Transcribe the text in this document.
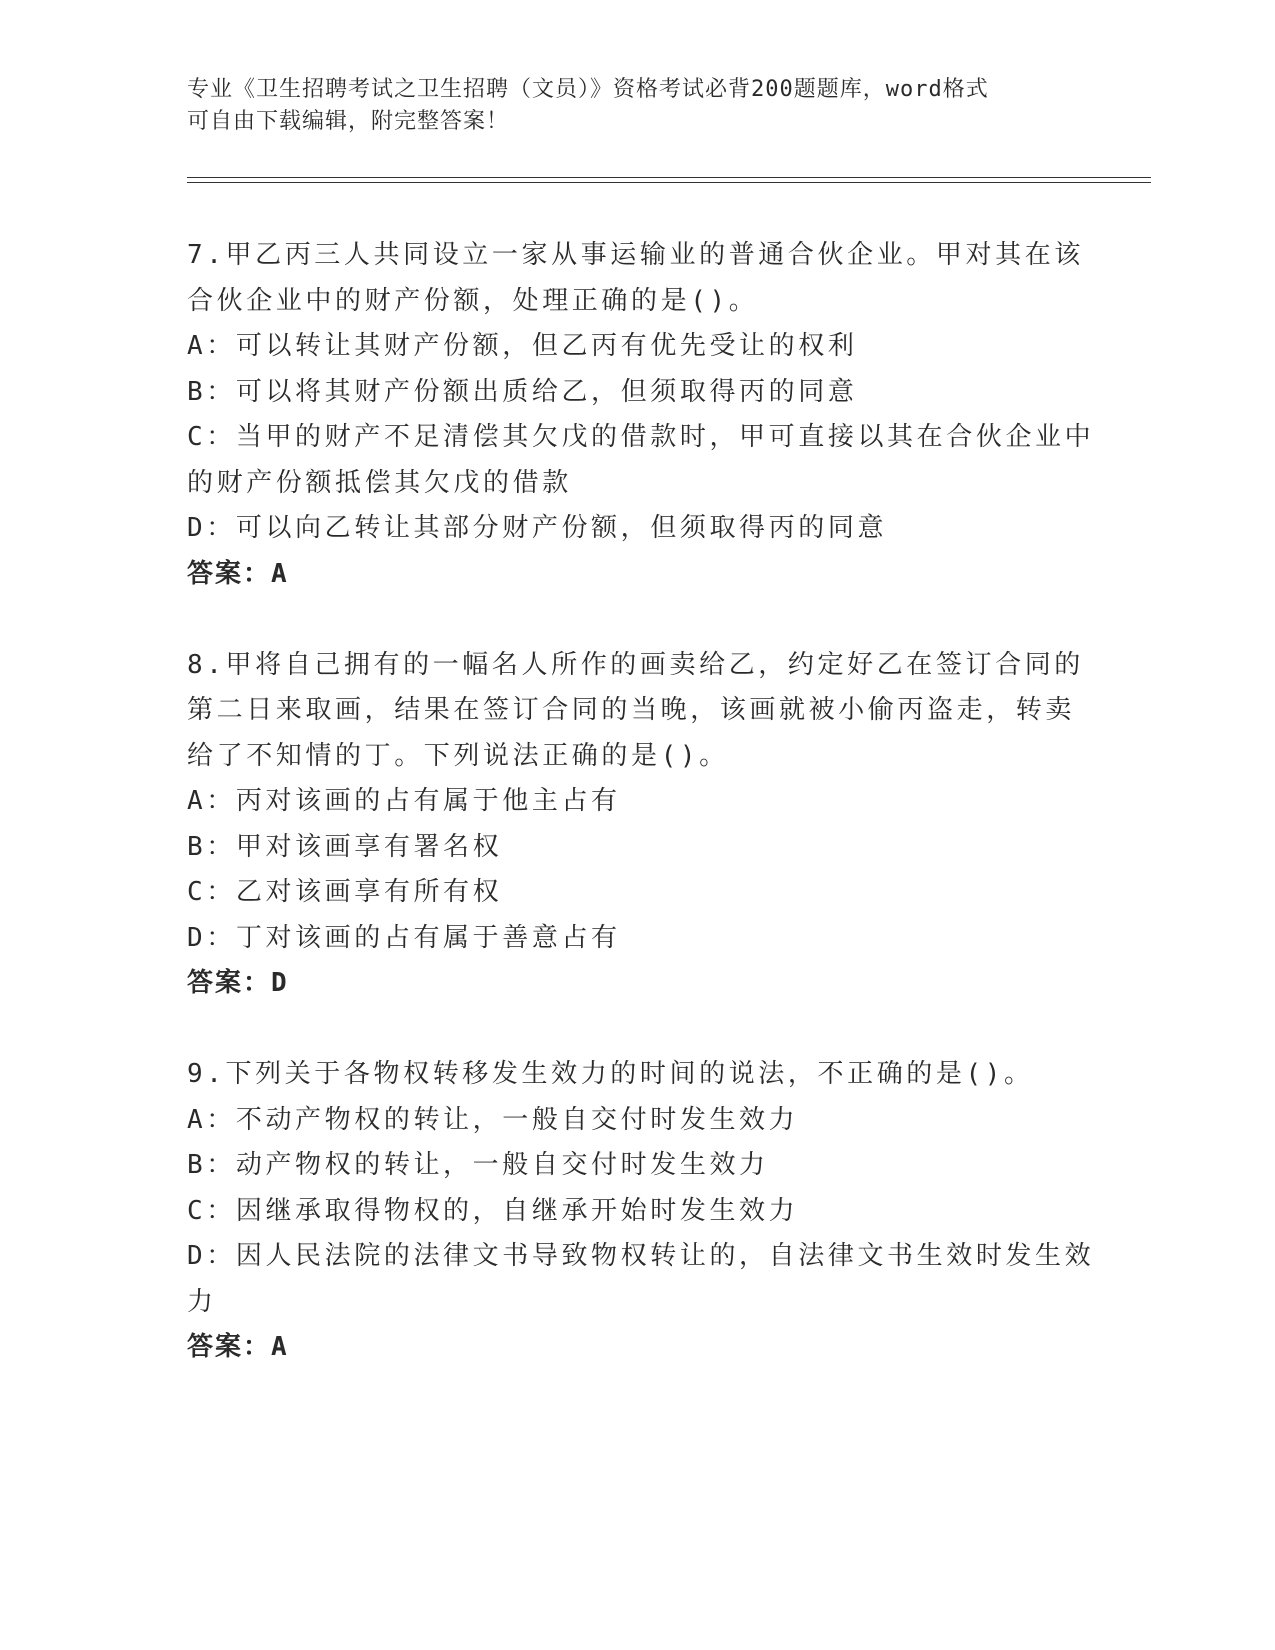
专业《卫生招聘考试之卫生招聘（文员）》资格考试必背200题题库，word格式
可自由下载编辑，附完整答案！
7.甲乙丙三人共同设立一家从事运输业的普通合伙企业。甲对其在该
合伙企业中的财产份额，处理正确的是()。
A：可以转让其财产份额，但乙丙有优先受让的权利
B：可以将其财产份额出质给乙，但须取得丙的同意
C：当甲的财产不足清偿其欠戊的借款时，甲可直接以其在合伙企业中
的财产份额抵偿其欠戊的借款
D：可以向乙转让其部分财产份额，但须取得丙的同意
答案：A
8.甲将自己拥有的一幅名人所作的画卖给乙，约定好乙在签订合同的
第二日来取画，结果在签订合同的当晚，该画就被小偷丙盗走，转卖
给了不知情的丁。下列说法正确的是()。
A：丙对该画的占有属于他主占有
B：甲对该画享有署名权
C：乙对该画享有所有权
D：丁对该画的占有属于善意占有
答案：D
9.下列关于各物权转移发生效力的时间的说法，不正确的是()。
A：不动产物权的转让，一般自交付时发生效力
B：动产物权的转让，一般自交付时发生效力
C：因继承取得物权的，自继承开始时发生效力
D：因人民法院的法律文书导致物权转让的，自法律文书生效时发生效
力
答案：A
